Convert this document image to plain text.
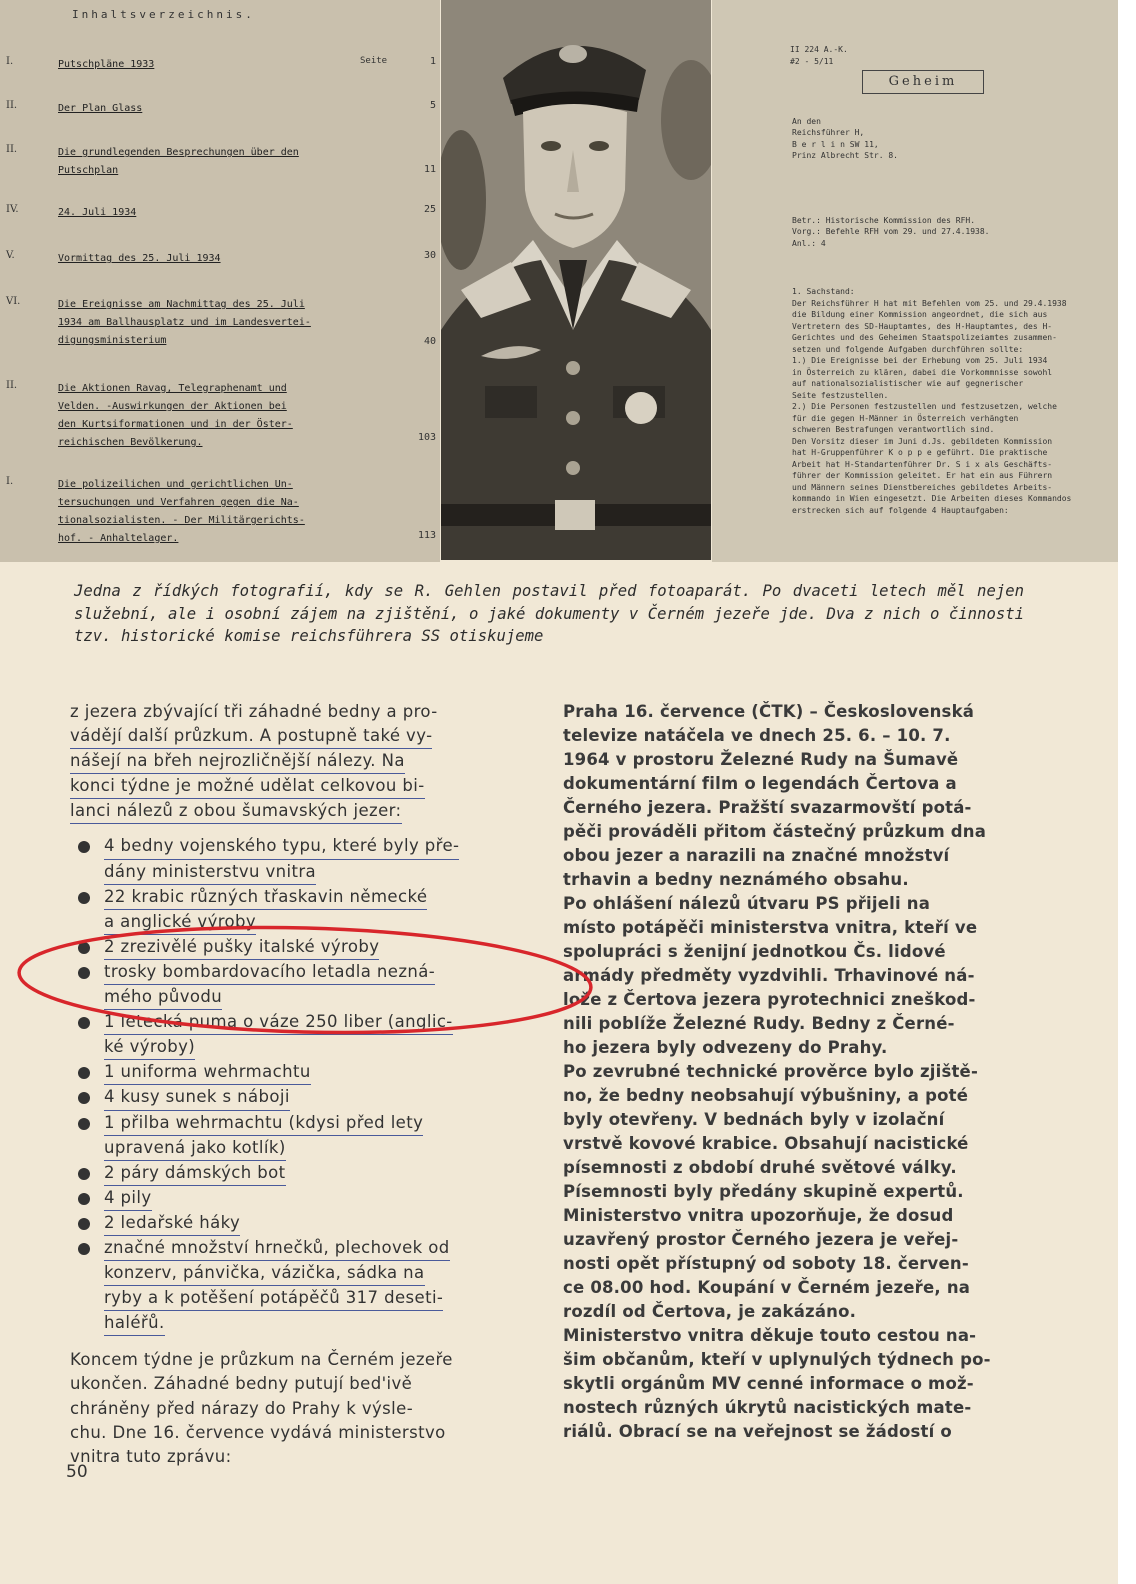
Inhaltsverzeichnis.
I.	Putschpläne 1933	Seite	1
II.	Der Plan Glass	5
II.	Die grundlegenden Besprechungen über den
Putschplan	11
IV.	24. Juli 1934	25
V.	Vormittag des 25. Juli 1934	30
VI.	Die Ereignisse am Nachmittag des 25. Juli
1934 am Ballhausplatz und im Landesvertei-
digungsministerium	40
II.	Die Aktionen Ravag, Telegraphenamt und
Velden. -Auswirkungen der Aktionen bei
den Kurtsiformationen und in der Öster-
reichischen Bevölkerung.	103
I.	Die polizeilichen und gerichtlichen Un-
tersuchungen und Verfahren gegen die Na-
tionalsozialisten. - Der Militärgerichts-
hof. - Anhaltelager.	113
II 224 A.-K.
#2 - 5/11
Geheim

An den
Reichsführer H,
B e r l i n SW 11,
Prinz Albrecht Str. 8.

Betr.: Historische Kommission des RFH.
Vorg.: Befehle RFH vom 29. und 27.4.1938.
Anl.: 4

1. Sachstand:
Der Reichsführer H hat mit Befehlen vom 25. und 29.4.1938
die Bildung einer Kommission angeordnet, die sich aus
Vertretern des SD-Hauptamtes, des H-Hauptamtes, des H-
Gerichtes und des Geheimen Staatspolizeiamtes zusammen-
setzen und folgende Aufgaben durchführen sollte:
1.) Die Ereignisse bei der Erhebung vom 25. Juli 1934
in Österreich zu klären, dabei die Vorkommnisse sowohl
auf nationalsozialistischer wie auf gegnerischer
Seite festzustellen.
2.) Die Personen festzustellen und festzusetzen, welche
für die gegen H-Männer in Österreich verhängten
schweren Bestrafungen verantwortlich sind.
Den Vorsitz dieser im Juni d.Js. gebildeten Kommission
hat H-Gruppenführer K o p p e geführt. Die praktische
Arbeit hat H-Standartenführer Dr. S i x als Geschäfts-
führer der Kommission geleitet. Er hat ein aus Führern
und Männern seines Dienstbereiches gebildetes Arbeits-
kommando in Wien eingesetzt. Die Arbeiten dieses Kommandos
erstrecken sich auf folgende 4 Hauptaufgaben:

Jedna z řídkých fotografií, kdy se R. Gehlen postavil před fotoaparát. Po dvaceti letech měl nejen služební, ale i osobní zájem na zjištění, o jaké dokumenty v Černém jezeře jde. Dva z nich o činnosti tzv. historické komise reichsführera SS otiskujeme
z jezera zbývající tři záhadné bedny a pro-
vádějí další průzkum. A postupně také vy-
nášejí na břeh nejrozličnější nálezy. Na
konci týdne je možné udělat celkovou bi-
lanci nálezů z obou šumavských jezer:
4 bedny vojenského typu, které byly pře-
dány ministerstvu vnitra
22 krabic různých třaskavin německé
a anglické výroby
2 zrezivělé pušky italské výroby
trosky bombardovacího letadla nezná-
mého původu
1 letecká puma o váze 250 liber (anglic-
ké výroby)
1 uniforma wehrmachtu
4 kusy sunek s náboji
1 přilba wehrmachtu (kdysi před lety
upravená jako kotlík)
2 páry dámských bot
4 pily
2 ledařské háky
značné množství hrnečků, plechovek od
konzerv, pánvička, vázička, sádka na
ryby a k potěšení potápěčů 317 deseti-
haléřů.
Koncem týdne je průzkum na Černém jezeře
ukončen. Záhadné bedny putují bed'ivě
chráněny před nárazy do Prahy k výsle-
chu. Dne 16. července vydává ministerstvo
vnitra tuto zprávu:
Praha 16. července (ČTK) – Československá
televize natáčela ve dnech 25. 6. – 10. 7.
1964 v prostoru Železné Rudy na Šumavě
dokumentární film o legendách Čertova a
Černého jezera. Pražští svazarmovští potá-
pěči prováděli přitom částečný průzkum dna
obou jezer a narazili na značné množství
trhavin a bedny neznámého obsahu.
Po ohlášení nálezů útvaru PS přijeli na
místo potápěči ministerstva vnitra, kteří ve
spolupráci s ženijní jednotkou Čs. lidové
armády předměty vyzdvihli. Trhavinové ná-
lože z Čertova jezera pyrotechnici zneškod-
nili poblíže Železné Rudy. Bedny z Černé-
ho jezera byly odvezeny do Prahy.
Po zevrubné technické prověrce bylo zjiště-
no, že bedny neobsahují výbušniny, a poté
byly otevřeny. V bednách byly v izolační
vrstvě kovové krabice. Obsahují nacistické
písemnosti z období druhé světové války.
Písemnosti byly předány skupině expertů.
Ministerstvo vnitra upozorňuje, že dosud
uzavřený prostor Černého jezera je veřej-
nosti opět přístupný od soboty 18. červen-
ce 08.00 hod. Koupání v Černém jezeře, na
rozdíl od Čertova, je zakázáno.
Ministerstvo vnitra děkuje touto cestou na-
šim občanům, kteří v uplynulých týdnech po-
skytli orgánům MV cenné informace o mož-
nostech různých úkrytů nacistických mate-
riálů. Obrací se na veřejnost se žádostí o
50
